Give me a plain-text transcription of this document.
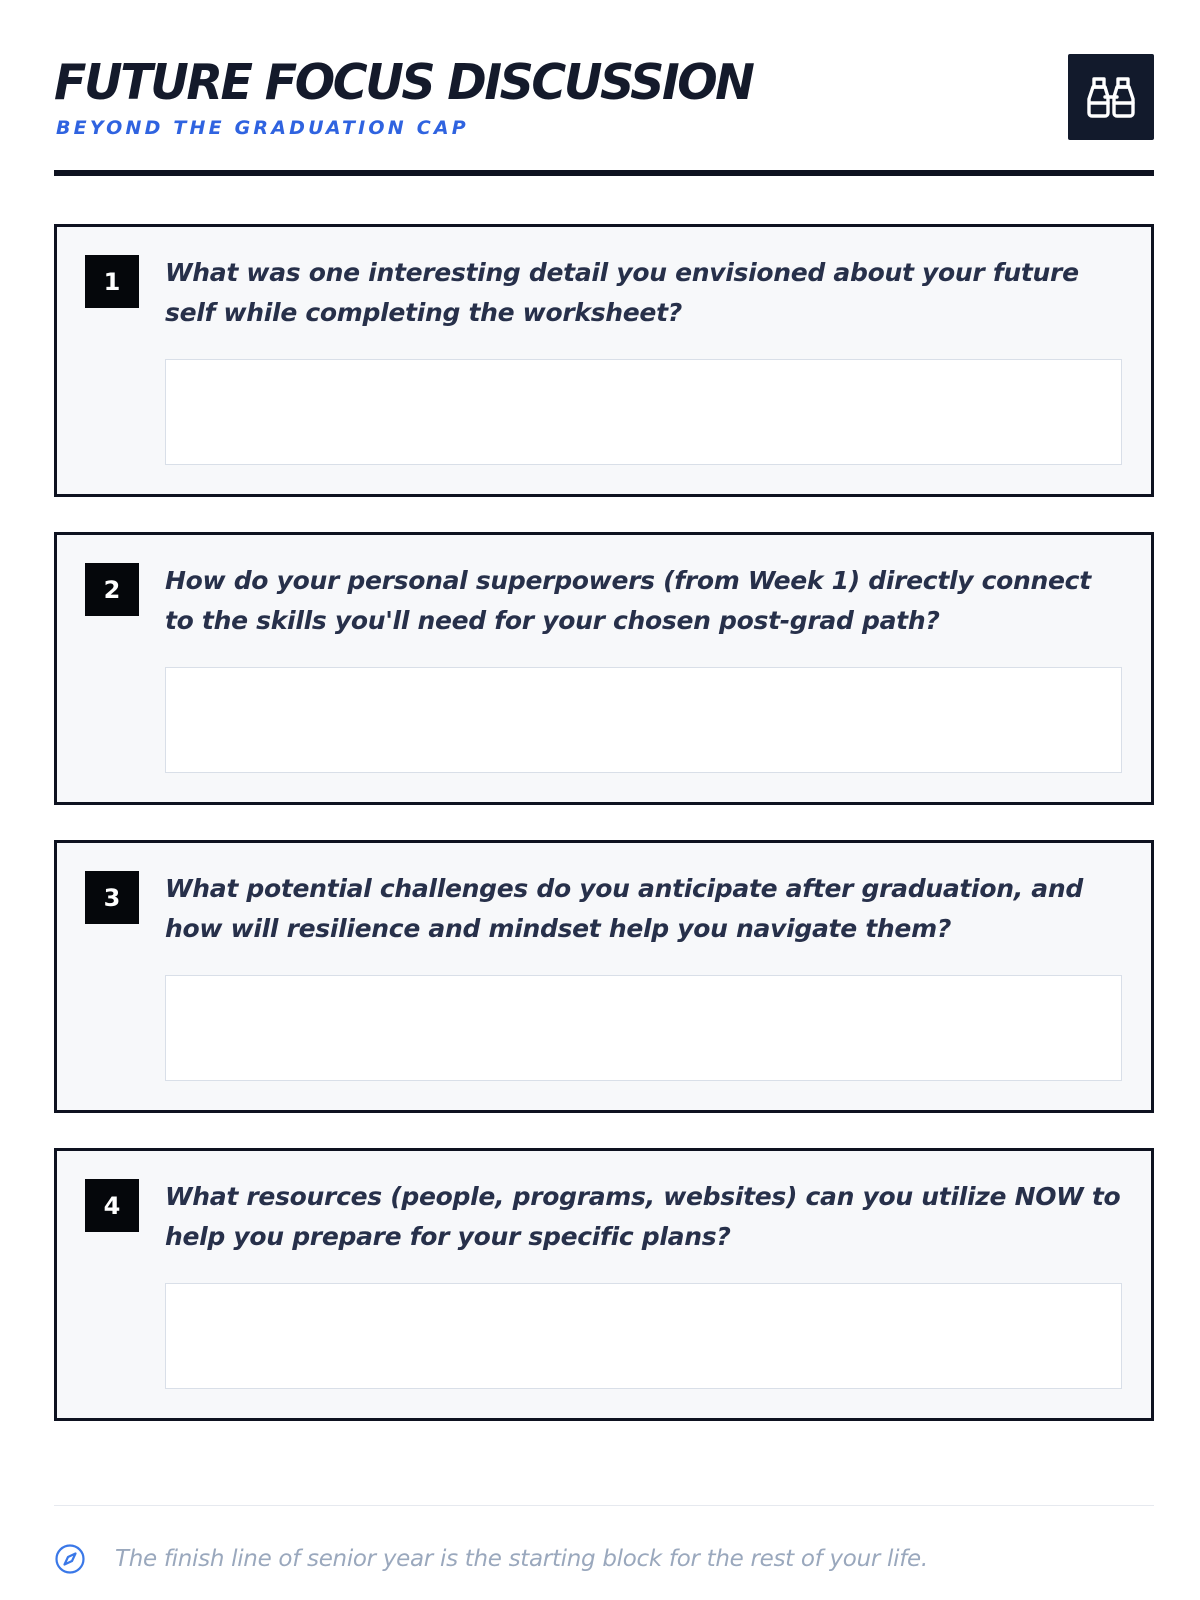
FUTURE FOCUS DISCUSSION
BEYOND THE GRADUATION CAP
1	What was one interesting detail you envisioned about your future self while completing the worksheet?
2	How do your personal superpowers (from Week 1) directly connect to the skills you'll need for your chosen post-grad path?
3	What potential challenges do you anticipate after graduation, and how will resilience and mindset help you navigate them?
4	What resources (people, programs, websites) can you utilize NOW to help you prepare for your specific plans?
The finish line of senior year is the starting block for the rest of your life.
